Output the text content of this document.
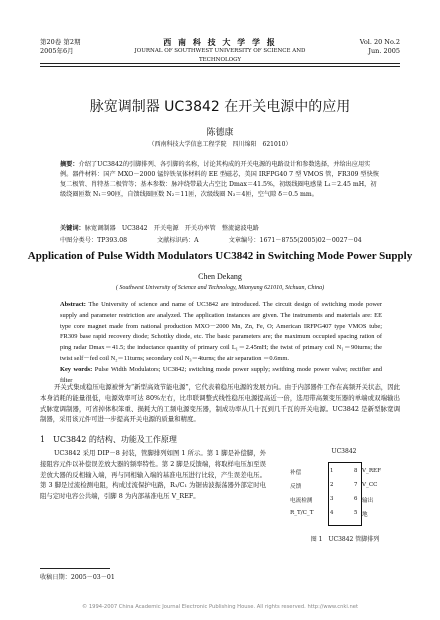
第20卷 第2期
2005年6月
西 南 科 技 大 学 学 报
JOURNAL OF SOUTHWEST UNIVERSITY OF SCIENCE AND TECHNOLOGY
Vol. 20 No.2
Jun. 2005
脉宽调制器 UC3842 在开关电源中的应用
陈德康
（西南科技大学信息工程学院　四川绵阳　621010）
摘要：介绍了UC3842的引脚排列、各引脚的名称，讨论其构成的开关电源的电路设计和参数选择，并给出应用实例。器件材料：国产 MXO－2000 锰锌铁氧体材料的 EE 型磁芯，美国 IRFPG40 7 型 VMOS 管，FR309 型快恢复二极管、肖特基二极管等；基本参数：脉冲绕带最大占空比 Dmax＝41.5%，初级线圈电感量 L₁＝2.45 mH，初级绕圈匝数 N₁＝90匝，自馈线圈匝数 N₂＝11匝，次级线圈 N₃＝4匝，空气隙 δ＝0.5 mm。
关键词：脉宽调制器　UC3842　开关电源　开关功率管　整流滤波电路
中图分类号：TP393.08	文献标识码：A	文章编号：1671－8755(2005)02－0027－04
Application of Pulse Width Modulators UC3842 in Switching Mode Power Supply
Chen Dekang
( Southwest University of Science and Technology, Mianyang 621010, Sichuan, China)
Abstract: The University of science and name of UC3842 are introduced. The circuit design of switching mode power supply and parameter restriction are analyzed. The application instances are given. The instruments and materials are: EE type core magnet made from national production MXO－2000 Mn, Zn, Fe, O; American IRFPG407 type VMOS tube; FR309 base rapid recovery diode; Schottky diode, etc. The basic parameters are; the maximum occupied spacing ration of ping radar Dmax＝41.5; the inductance quantity of primary coil L₁＝2.45mH; the twist of primary coil N₁＝90turns; the twist self－fed coil N₂＝11turns; secondary coil N₃＝4turns; the air separation ＝0.6mm.
Key words: Pulse Width Modulators; UC3842; switching mode power supply; swithing mode power valve; rectifier and filter
开关式集成稳压电源被誉为“新型高效节能电源”，它代表着稳压电源的发展方向。由于内部器件工作在高频开关状态，因此本身消耗的能量很低，电源效率可达 80%左右，比串联调整式线性稳压电源提高近一倍，选用带高频变压器的单端或双端输出式脉宽调制器，可省掉体积笨重、损耗大的工频电源变压器，制成功率从几十瓦到几千瓦的开关电源。UC3842 是新型脉宽调制器，采用该元件可进一步提高开关电源的质量和精度。
1　UC3842 的结构、功能及工作原理
UC3842 采用 DIP－8 封装，管脚排列如图 1 所示。第 1 脚是补偿脚，外接阻容元件以补偿误差放大器的频率特性。第 2 脚是反馈端，将取样电压加至误差放大器的反相输入端，再与同相输入端的基准电压进行比较，产生误差电压。第 3 脚是过流检测电阻，构成过流保护电路，R₁/C₁ 为锯齿波振荡器外部定时电阻与定时电容公共端，引脚 8 为内部基准电压 V_REF。
UC3842
补偿	1
反馈	2
电流检测	3
R_T/C_T	4
8 V_REF
7 V_CC
6 输出
5 地
图 1　UC3842 管脚排列
收稿日期：2005－03－01
© 1994-2007 China Academic Journal Electronic Publishing House. All rights reserved. http://www.cnki.net
